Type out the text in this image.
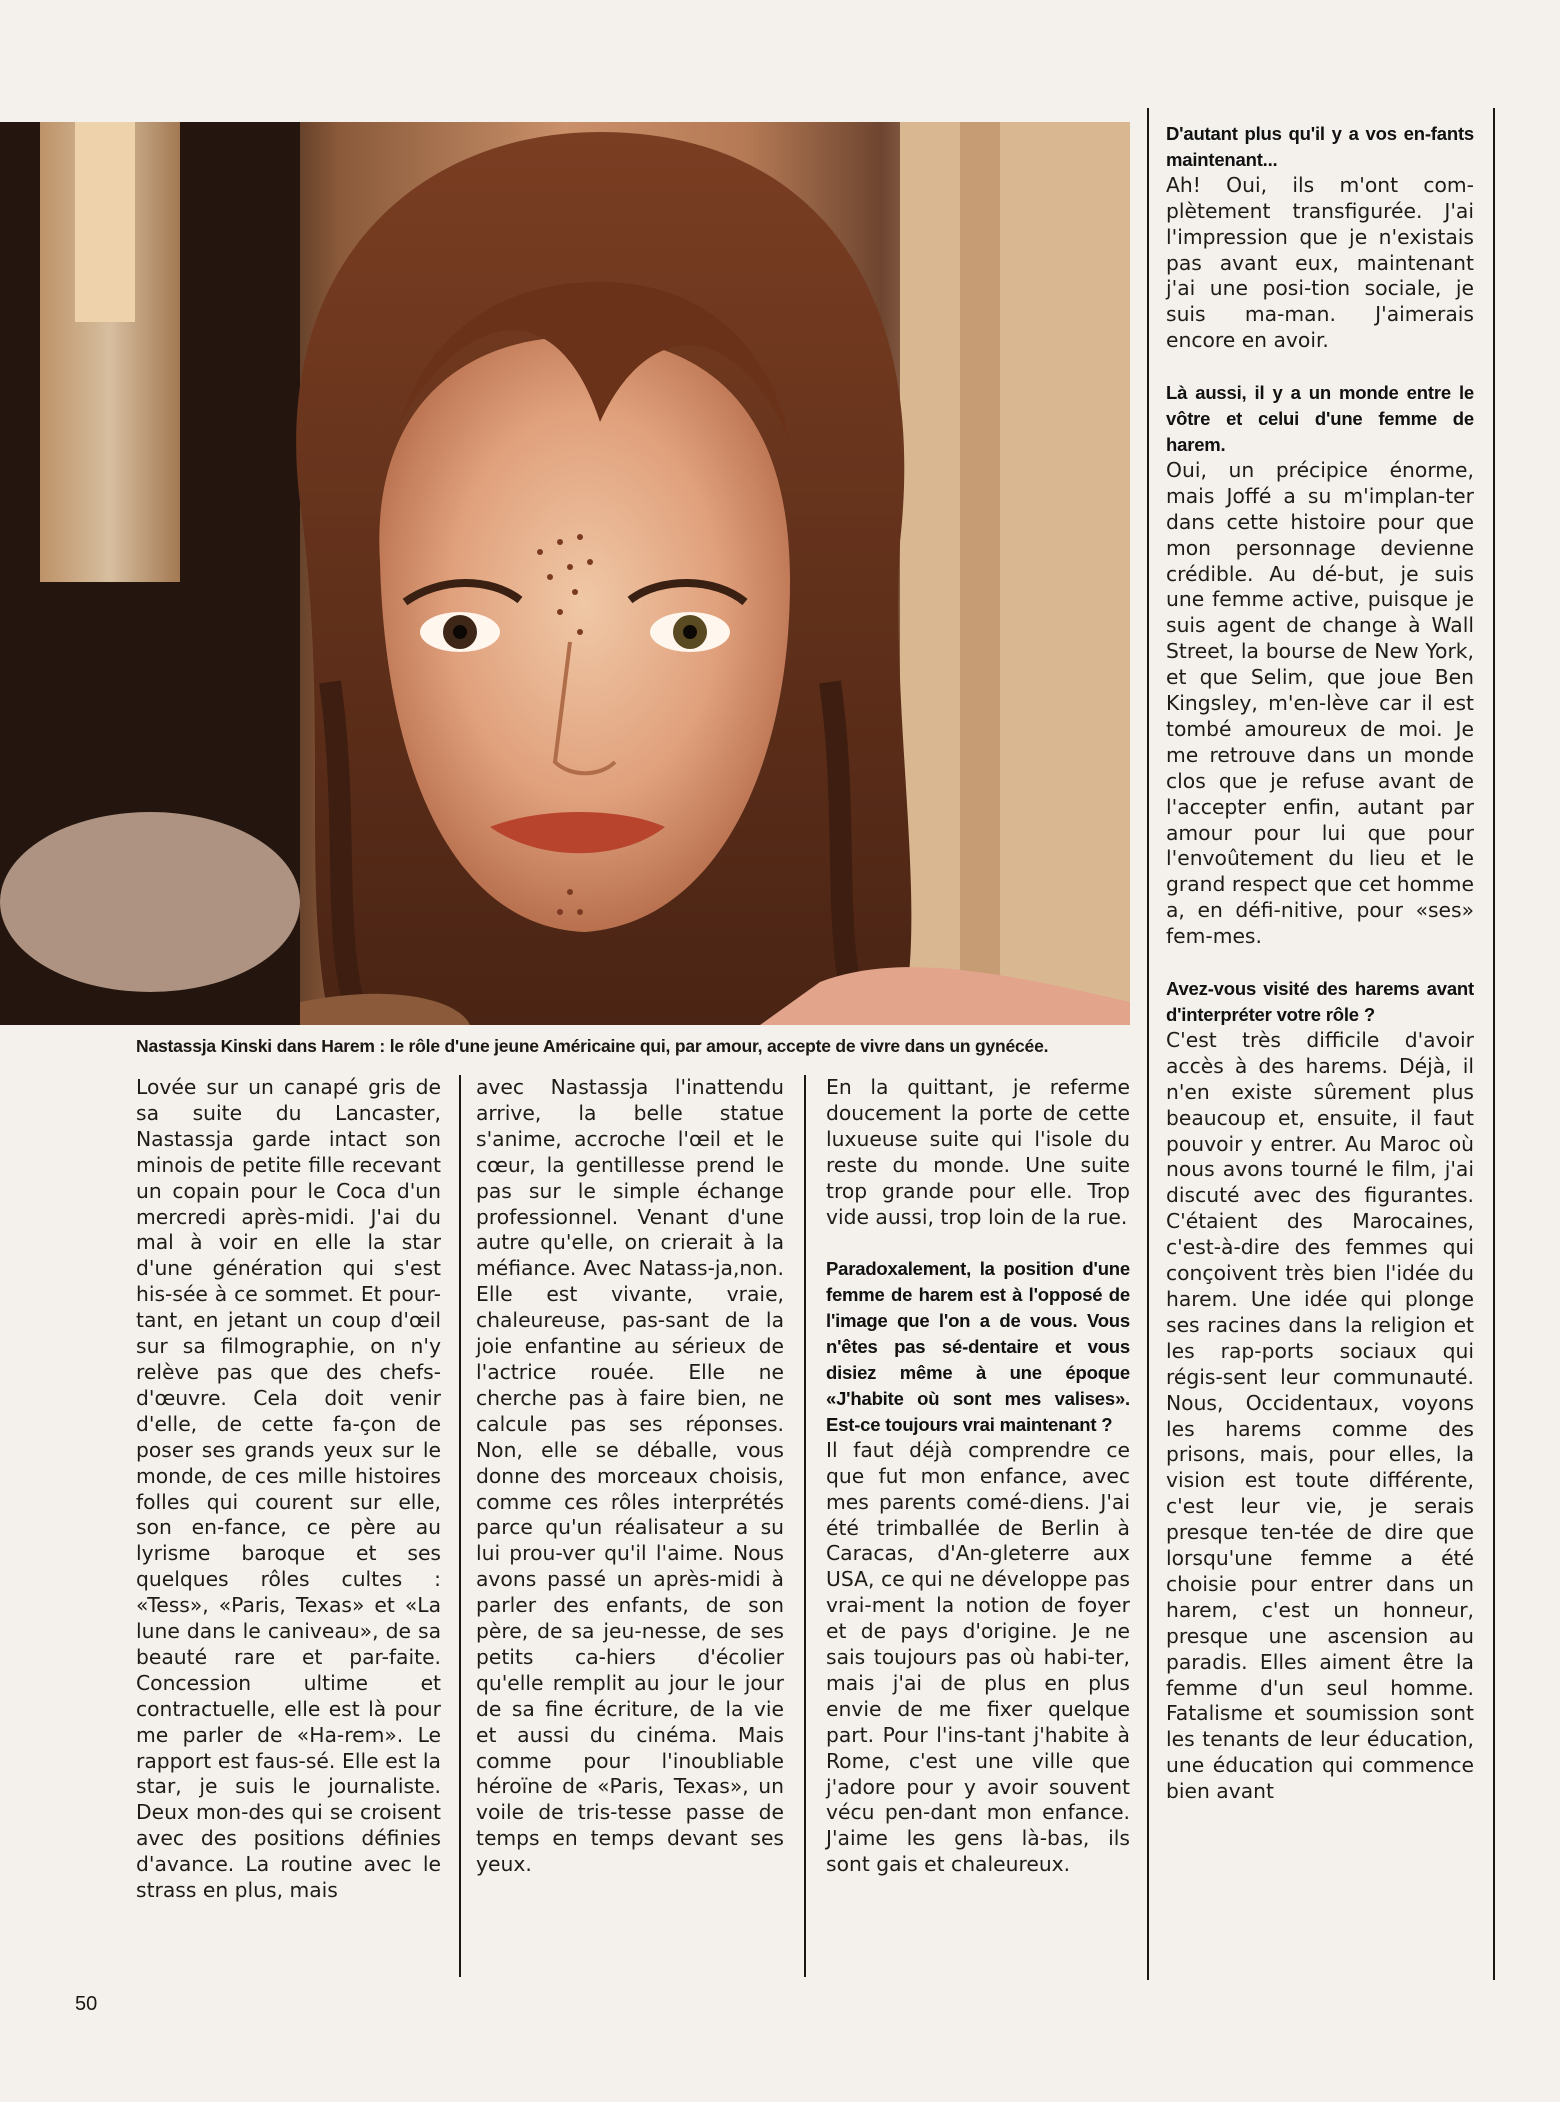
Nastassja Kinski dans Harem : le rôle d'une jeune Américaine qui, par amour, accepte de vivre dans un gynécée.

Lovée sur un canapé gris de sa suite du Lancaster, Nastassja garde intact son minois de petite fille recevant un copain pour le Coca d'un mercredi après-midi. J'ai du mal à voir en elle la star d'une génération qui s'est his-sée à ce sommet. Et pour-tant, en jetant un coup d'œil sur sa filmographie, on n'y relève pas que des chefs-d'œuvre. Cela doit venir d'elle, de cette fa-çon de poser ses grands yeux sur le monde, de ces mille histoires folles qui courent sur elle, son en-fance, ce père au lyrisme baroque et ses quelques rôles cultes : «Tess», «Paris, Texas» et «La lune dans le caniveau», de sa beauté rare et par-faite. Concession ultime et contractuelle, elle est là pour me parler de «Ha-rem». Le rapport est faus-sé. Elle est la star, je suis le journaliste. Deux mon-des qui se croisent avec des positions définies d'avance. La routine avec le strass en plus, mais

avec Nastassja l'inattendu arrive, la belle statue s'anime, accroche l'œil et le cœur, la gentillesse prend le pas sur le simple échange professionnel. Venant d'une autre qu'elle, on crierait à la méfiance. Avec Natass-ja,non. Elle est vivante, vraie, chaleureuse, pas-sant de la joie enfantine au sérieux de l'actrice rouée. Elle ne cherche pas à faire bien, ne calcule pas ses réponses. Non, elle se déballe, vous donne des morceaux choisis, comme ces rôles interprétés parce qu'un réalisateur a su lui prou-ver qu'il l'aime. Nous avons passé un après-midi à parler des enfants, de son père, de sa jeu-nesse, de ses petits ca-hiers d'écolier qu'elle remplit au jour le jour de sa fine écriture, de la vie et aussi du cinéma. Mais comme pour l'inoubliable héroïne de «Paris, Texas», un voile de tris-tesse passe de temps en temps devant ses yeux.

En la quittant, je referme doucement la porte de cette luxueuse suite qui l'isole du reste du monde. Une suite trop grande pour elle. Trop vide aussi, trop loin de la rue.

Paradoxalement, la position d'une femme de harem est à l'opposé de l'image que l'on a de vous. Vous n'êtes pas sé-dentaire et vous disiez même à une époque «J'habite où sont mes valises». Est-ce toujours vrai maintenant ?

Il faut déjà comprendre ce que fut mon enfance, avec mes parents comé-diens. J'ai été trimballée de Berlin à Caracas, d'An-gleterre aux USA, ce qui ne développe pas vrai-ment la notion de foyer et de pays d'origine. Je ne sais toujours pas où habi-ter, mais j'ai de plus en plus envie de me fixer quelque part. Pour l'ins-tant j'habite à Rome, c'est une ville que j'adore pour y avoir souvent vécu pen-dant mon enfance. J'aime les gens là-bas, ils sont gais et chaleureux.

D'autant plus qu'il y a vos en-fants maintenant...

Ah! Oui, ils m'ont com-plètement transfigurée. J'ai l'impression que je n'existais pas avant eux, maintenant j'ai une posi-tion sociale, je suis ma-man. J'aimerais encore en avoir.

Là aussi, il y a un monde entre le vôtre et celui d'une femme de harem.

Oui, un précipice énorme, mais Joffé a su m'implan-ter dans cette histoire pour que mon personnage devienne crédible. Au dé-but, je suis une femme active, puisque je suis agent de change à Wall Street, la bourse de New York, et que Selim, que joue Ben Kingsley, m'en-lève car il est tombé amoureux de moi. Je me retrouve dans un monde clos que je refuse avant de l'accepter enfin, autant par amour pour lui que pour l'envoûtement du lieu et le grand respect que cet homme a, en défi-nitive, pour «ses» fem-mes.

Avez-vous visité des harems avant d'interpréter votre rôle ?

C'est très difficile d'avoir accès à des harems. Déjà, il n'en existe sûrement plus beaucoup et, ensuite, il faut pouvoir y entrer. Au Maroc où nous avons tourné le film, j'ai discuté avec des figurantes. C'étaient des Marocaines, c'est-à-dire des femmes qui conçoivent très bien l'idée du harem. Une idée qui plonge ses racines dans la religion et les rap-ports sociaux qui régis-sent leur communauté. Nous, Occidentaux, voyons les harems comme des prisons, mais, pour elles, la vision est toute différente, c'est leur vie, je serais presque ten-tée de dire que lorsqu'une femme a été choisie pour entrer dans un harem, c'est un honneur, presque une ascension au paradis. Elles aiment être la femme d'un seul homme. Fatalisme et soumission sont les tenants de leur éducation, une éducation qui commence bien avant

50
